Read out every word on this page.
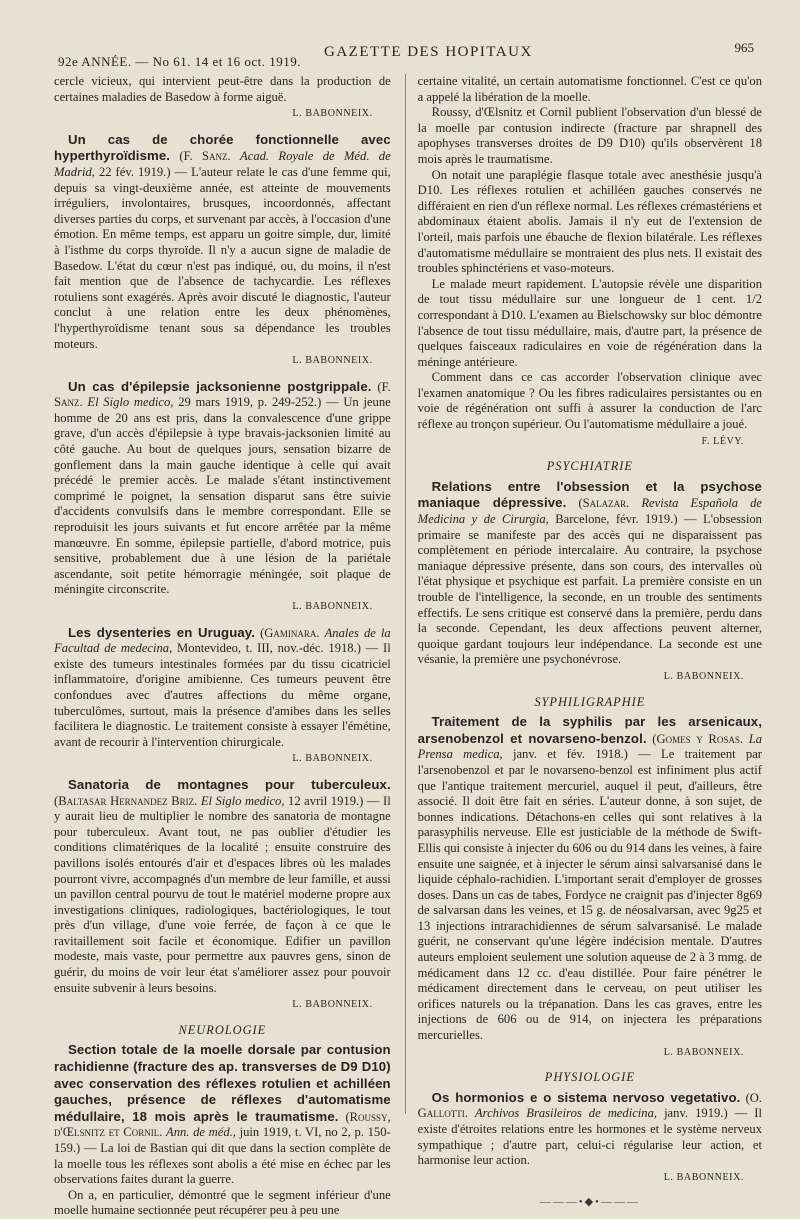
92e ANNÉE. — No 61. 14 et 16 oct. 1919.
GAZETTE DES HOPITAUX	965

cercle vicieux, qui intervient peut-être dans la production de certaines maladies de Basedow à forme aiguë.

L. BABONNEIX.

Un cas de chorée fonctionnelle avec hyperthyroïdisme. (F. Sanz. Acad. Royale de Méd. de Madrid, 22 fév. 1919.) — L'auteur relate le cas d'une femme qui, depuis sa vingt-deuxième année, est atteinte de mouvements irréguliers, involontaires, brusques, incoordonnés, affectant diverses parties du corps, et survenant par accès, à l'occasion d'une émotion. En même temps, est apparu un goitre simple, dur, limité à l'isthme du corps thyroïde. Il n'y a aucun signe de maladie de Basedow. L'état du cœur n'est pas indiqué, ou, du moins, il n'est fait mention que de l'absence de tachycardie. Les réflexes rotuliens sont exagérés. Après avoir discuté le diagnostic, l'auteur conclut à une relation entre les deux phénomènes, l'hyperthyroïdisme tenant sous sa dépendance les troubles moteurs.

L. BABONNEIX.

Un cas d'épilepsie jacksonienne postgrippale. (F. Sanz. El Siglo medico, 29 mars 1919, p. 249-252.) — Un jeune homme de 20 ans est pris, dans la convalescence d'une grippe grave, d'un accès d'épilepsie à type bravais-jacksonien limité au côté gauche. Au bout de quelques jours, sensation bizarre de gonflement dans la main gauche identique à celle qui avait précédé le premier accès. Le malade s'étant instinctivement comprimé le poignet, la sensation disparut sans être suivie d'accidents convulsifs dans le membre correspondant. Elle se reproduisit les jours suivants et fut encore arrêtée par la même manœuvre. En somme, épilepsie partielle, d'abord motrice, puis sensitive, probablement due à une lésion de la pariétale ascendante, soit petite hémorragie méningée, soit plaque de méningite circonscrite.

L. BABONNEIX.

Les dysenteries en Uruguay. (Gaminara. Anales de la Facultad de medecina, Montevideo, t. III, nov.-déc. 1918.) — Il existe des tumeurs intestinales formées par du tissu cicatriciel inflammatoire, d'origine amibienne. Ces tumeurs peuvent être confondues avec d'autres affections du même organe, tuberculômes, surtout, mais la présence d'amibes dans les selles facilitera le diagnostic. Le traitement consiste à essayer l'émétine, avant de recourir à l'intervention chirurgicale.

L. BABONNEIX.

Sanatoria de montagnes pour tuberculeux. (Baltasar Hernandez Briz. El Siglo medico, 12 avril 1919.) — Il y aurait lieu de multiplier le nombre des sanatoria de montagne pour tuberculeux. Avant tout, ne pas oublier d'étudier les conditions climatériques de la localité ; ensuite construire des pavillons isolés entourés d'air et d'espaces libres où les malades pourront vivre, accompagnés d'un membre de leur famille, et aussi un pavillon central pourvu de tout le matériel moderne propre aux investigations cliniques, radiologiques, bactériologiques, le tout près d'un village, d'une voie ferrée, de façon à ce que le ravitaillement soit facile et économique. Edifier un pavillon modeste, mais vaste, pour permettre aux pauvres gens, sinon de guérir, du moins de voir leur état s'améliorer assez pour pouvoir ensuite subvenir à leurs besoins.

L. BABONNEIX.
NEUROLOGIE

Section totale de la moelle dorsale par contusion rachidienne (fracture des ap. transverses de D9 D10) avec conservation des réflexes rotulien et achilléen gauches, présence de réflexes d'automatisme médullaire, 18 mois après le traumatisme. (Roussy, d'Œlsnitz et Cornil. Ann. de méd., juin 1919, t. VI, no 2, p. 150-159.) — La loi de Bastian qui dit que dans la section complète de la moelle tous les réflexes sont abolis a été mise en échec par les observations faites durant la guerre.

On a, en particulier, démontré que le segment inférieur d'une moelle humaine sectionnée peut récupérer peu à peu une

certaine vitalité, un certain automatisme fonctionnel. C'est ce qu'on a appelé la libération de la moelle.

Roussy, d'Œlsnitz et Cornil publient l'observation d'un blessé de la moelle par contusion indirecte (fracture par shrapnell des apophyses transverses droites de D9 D10) qu'ils observèrent 18 mois après le traumatisme.

On notait une paraplégie flasque totale avec anesthésie jusqu'à D10. Les réflexes rotulien et achilléen gauches conservés ne différaient en rien d'un réflexe normal. Les réflexes crémastériens et abdominaux étaient abolis. Jamais il n'y eut de l'extension de l'orteil, mais parfois une ébauche de flexion bilatérale. Les réflexes d'automatisme médullaire se montraient des plus nets. Il existait des troubles sphinctériens et vaso-moteurs.

Le malade meurt rapidement. L'autopsie révèle une disparition de tout tissu médullaire sur une longueur de 1 cent. 1/2 correspondant à D10. L'examen au Bielschowsky sur bloc démontre l'absence de tout tissu médullaire, mais, d'autre part, la présence de quelques faisceaux radiculaires en voie de régénération dans la méninge antérieure.

Comment dans ce cas accorder l'observation clinique avec l'examen anatomique ? Ou les fibres radiculaires persistantes ou en voie de régénération ont suffi à assurer la conduction de l'arc réflexe au tronçon supérieur. Ou l'automatisme médullaire a joué.

F. LÉVY.
PSYCHIATRIE

Relations entre l'obsession et la psychose maniaque dépressive. (Salazar. Revista Española de Medicina y de Cirurgia, Barcelone, févr. 1919.) — L'obsession primaire se manifeste par des accès qui ne disparaissent pas complètement en période intercalaire. Au contraire, la psychose maniaque dépressive présente, dans son cours, des intervalles où l'état physique et psychique est parfait. La première consiste en un trouble de l'intelligence, la seconde, en un trouble des sentiments effectifs. Le sens critique est conservé dans la première, perdu dans la seconde. Cependant, les deux affections peuvent alterner, quoique gardant toujours leur indépendance. La seconde est une vésanie, la première une psychonévrose.

L. BABONNEIX.
SYPHILIGRAPHIE

Traitement de la syphilis par les arsenicaux, arsenobenzol et novarseno-benzol. (Gomes y Rosas. La Prensa medica, janv. et fév. 1918.) — Le traitement par l'arsenobenzol et par le novarseno-benzol est infiniment plus actif que l'antique traitement mercuriel, auquel il peut, d'ailleurs, être associé. Il doit être fait en séries. L'auteur donne, à son sujet, de bonnes indications. Détachons-en celles qui sont relatives à la parasyphilis nerveuse. Elle est justiciable de la méthode de Swift-Ellis qui consiste à injecter du 606 ou du 914 dans les veines, à faire ensuite une saignée, et à injecter le sérum ainsi salvarsanisé dans le liquide céphalo-rachidien. L'important serait d'employer de grosses doses. Dans un cas de tabes, Fordyce ne craignit pas d'injecter 8g69 de salvarsan dans les veines, et 15 g. de néosalvarsan, avec 9g25 et 13 injections intrarachidiennes de sérum salvarsanisé. Le malade guérit, ne conservant qu'une légère indécision mentale. D'autres auteurs emploient seulement une solution aqueuse de 2 à 3 mmg. de médicament dans 12 cc. d'eau distillée. Pour faire pénétrer le médicament directement dans le cerveau, on peut utiliser les orifices naturels ou la trépanation. Dans les cas graves, entre les injections de 606 ou de 914, on injectera les préparations mercurielles.

L. BABONNEIX.
PHYSIOLOGIE

Os hormonios e o sistema nervoso vegetativo. (O. Gallotti. Archivos Brasileiros de medicina, janv. 1919.) — Il existe d'étroites relations entre les hormones et le système nerveux sympathique ; d'autre part, celui-ci régularise leur action, et harmonise leur action.

L. BABONNEIX.
———•◆•———
